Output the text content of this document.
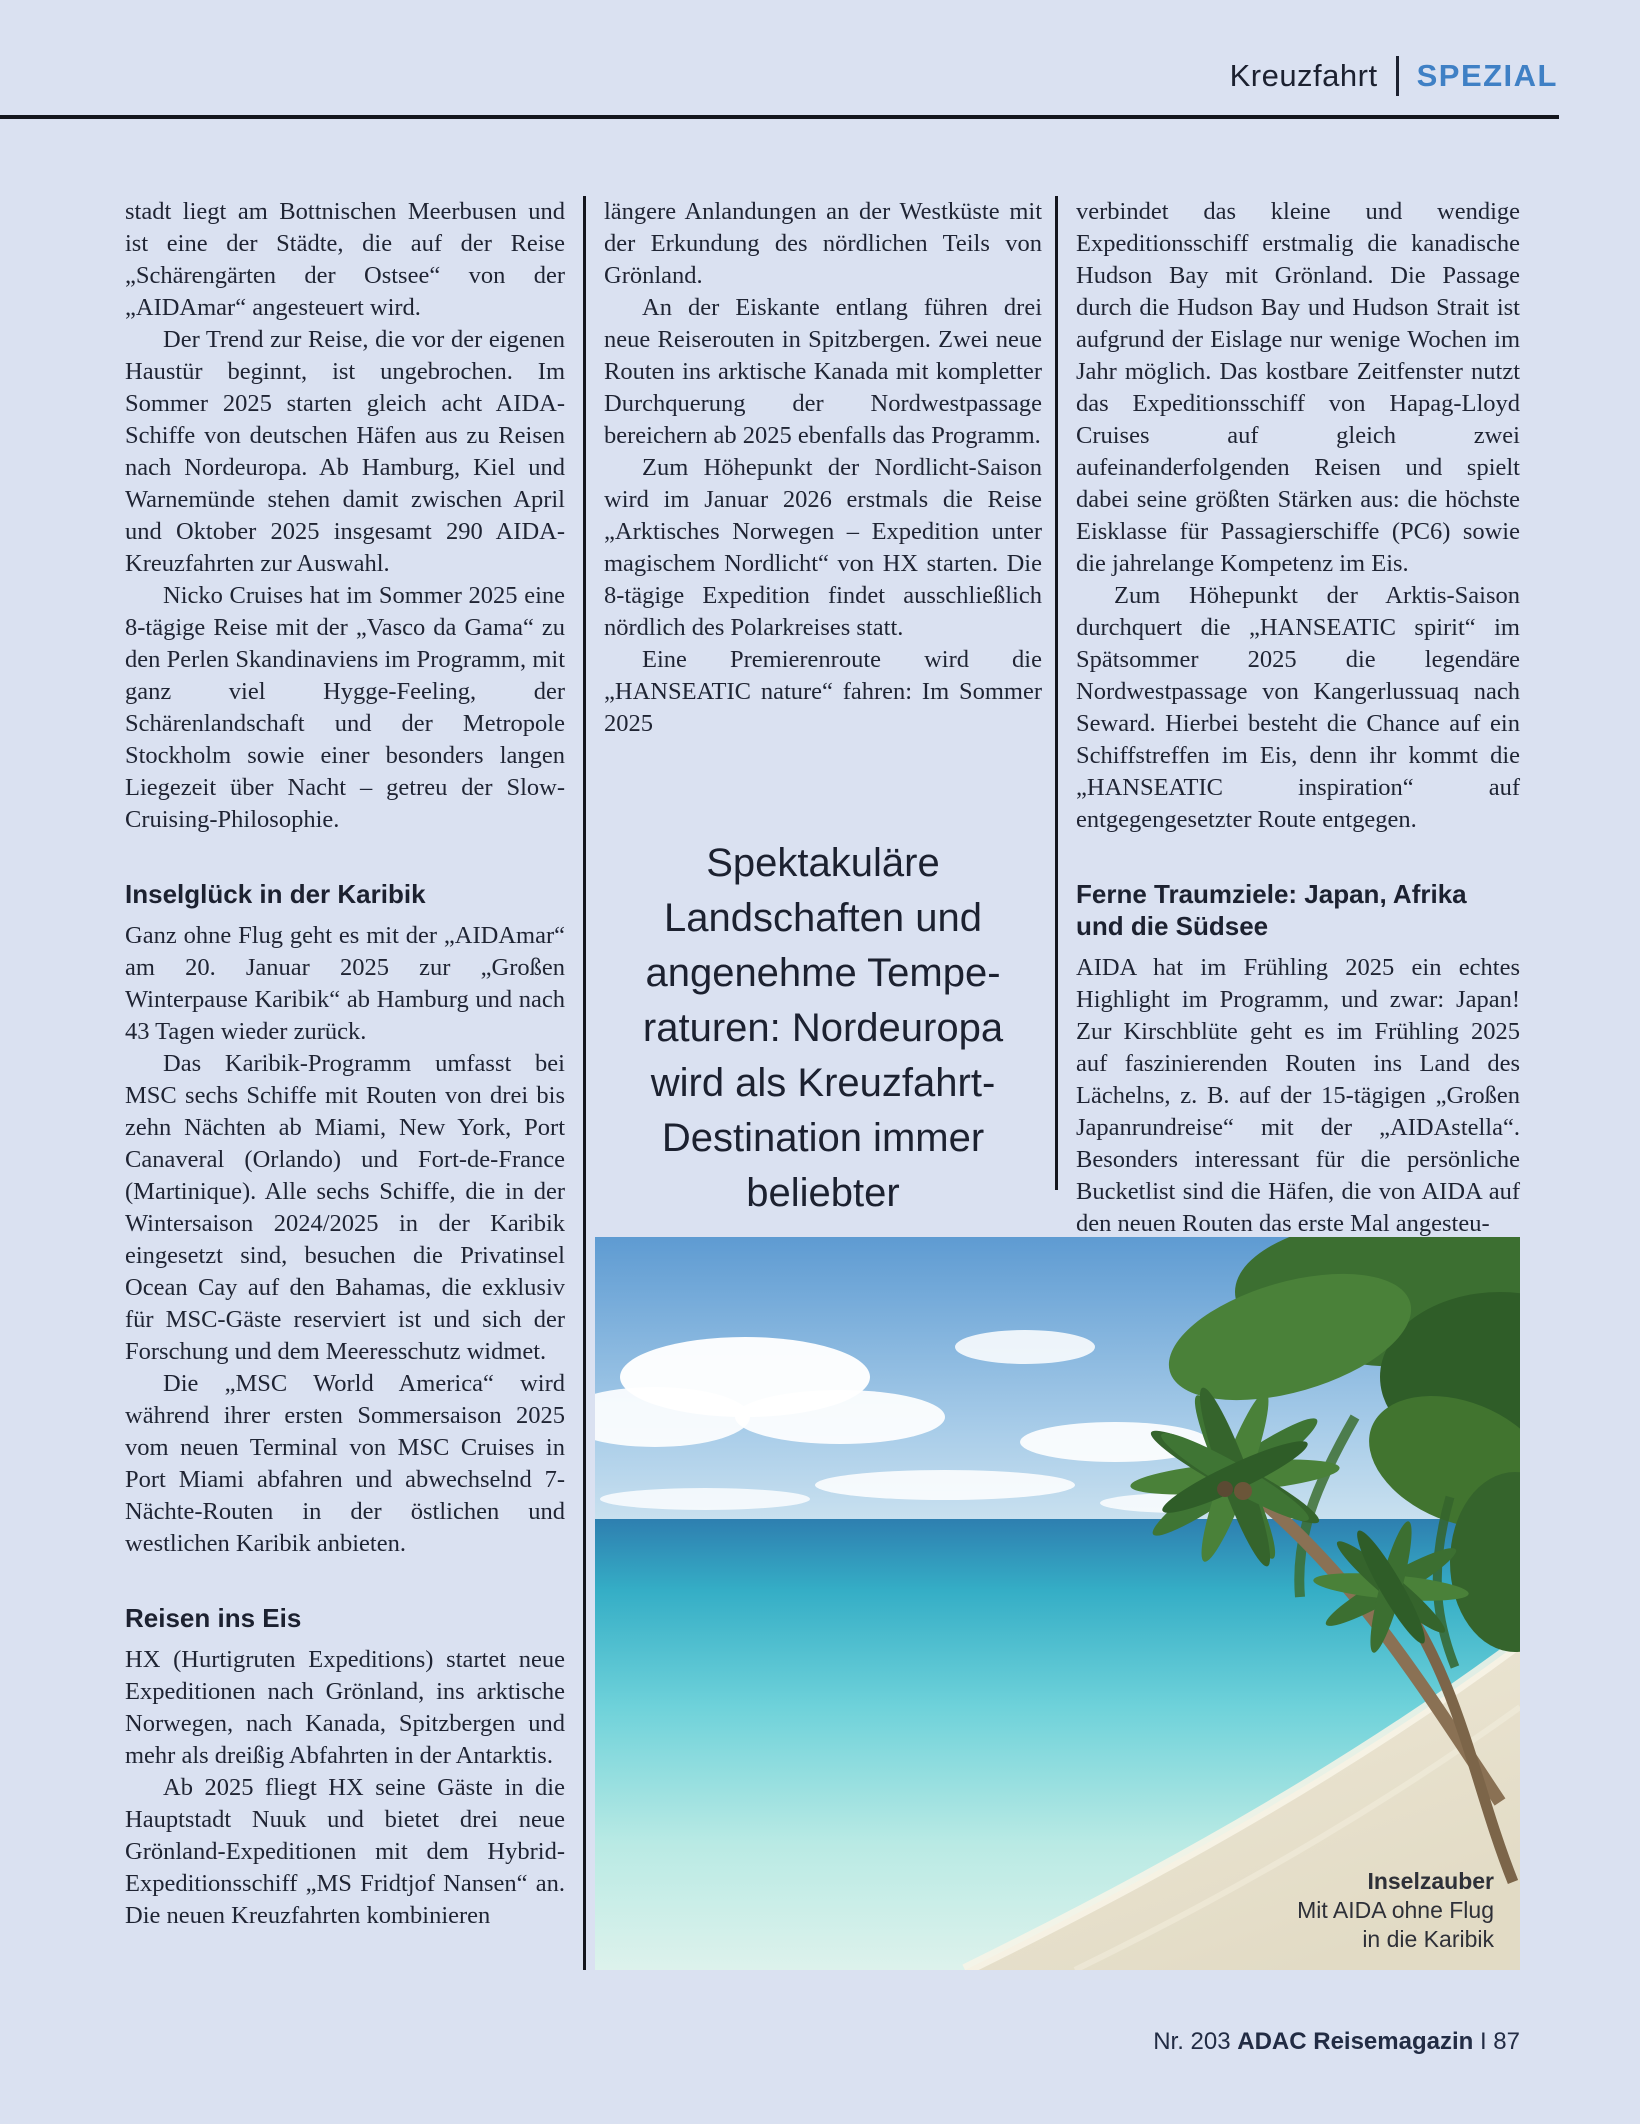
Kreuzfahrt SPEZIAL

stadt liegt am Bottnischen Meerbusen und ist eine der Städte, die auf der Reise „Schärengärten der Ostsee“ von der „AIDAmar“ angesteuert wird.

Der Trend zur Reise, die vor der eigenen Haustür beginnt, ist ungebrochen. Im Sommer 2025 starten gleich acht AIDA-Schiffe von deutschen Häfen aus zu Reisen nach Nordeuropa. Ab Hamburg, Kiel und Warnemünde stehen damit zwischen April und Oktober 2025 insgesamt 290 AIDA-Kreuzfahrten zur Auswahl.

Nicko Cruises hat im Sommer 2025 eine 8-tägige Reise mit der „Vasco da Gama“ zu den Perlen Skandinaviens im Programm, mit ganz viel Hygge-Feeling, der Schärenlandschaft und der Metropole Stockholm sowie einer besonders langen Liegezeit über Nacht – getreu der Slow-Cruising-Philosophie.

Inselglück in der Karibik

Ganz ohne Flug geht es mit der „AIDAmar“ am 20. Januar 2025 zur „Großen Winterpause Karibik“ ab Hamburg und nach 43 Tagen wieder zurück.

Das Karibik-Programm umfasst bei MSC sechs Schiffe mit Routen von drei bis zehn Nächten ab Miami, New York, Port Canaveral (Orlando) und Fort-de-France (Martinique). Alle sechs Schiffe, die in der Wintersaison 2024/2025 in der Karibik eingesetzt sind, besuchen die Privatinsel Ocean Cay auf den Bahamas, die exklusiv für MSC-Gäste reserviert ist und sich der Forschung und dem Meeresschutz widmet.

Die „MSC World America“ wird während ihrer ersten Sommersaison 2025 vom neuen Terminal von MSC Cruises in Port Miami abfahren und abwechselnd 7-Nächte-Routen in der östlichen und westlichen Karibik anbieten.

Reisen ins Eis

HX (Hurtigruten Expeditions) startet neue Expeditionen nach Grönland, ins arktische Norwegen, nach Kanada, Spitzbergen und mehr als dreißig Abfahrten in der Antarktis.

Ab 2025 fliegt HX seine Gäste in die Hauptstadt Nuuk und bietet drei neue Grönland-Expeditionen mit dem Hybrid-Expeditionsschiff „MS Fridtjof Nansen“ an. Die neuen Kreuzfahrten kombinieren

längere Anlandungen an der Westküste mit der Erkundung des nördlichen Teils von Grönland.

An der Eiskante entlang führen drei neue Reiserouten in Spitzbergen. Zwei neue Routen ins arktische Kanada mit kompletter Durchquerung der Nordwestpassage bereichern ab 2025 ebenfalls das Programm.

Zum Höhepunkt der Nordlicht-Saison wird im Januar 2026 erstmals die Reise „Arktisches Norwegen – Expedition unter magischem Nordlicht“ von HX starten. Die 8-tägige Expedition findet ausschließlich nördlich des Polarkreises statt.

Eine Premierenroute wird die „HANSEATIC nature“ fahren: Im Sommer 2025

Spektakuläre Landschaften und angenehme Temperaturen: Nordeuropa wird als Kreuzfahrt-Destination immer beliebter

verbindet das kleine und wendige Expeditionsschiff erstmalig die kanadische Hudson Bay mit Grönland. Die Passage durch die Hudson Bay und Hudson Strait ist aufgrund der Eislage nur wenige Wochen im Jahr möglich. Das kostbare Zeitfenster nutzt das Expeditionsschiff von Hapag-Lloyd Cruises auf gleich zwei aufeinanderfolgenden Reisen und spielt dabei seine größten Stärken aus: die höchste Eisklasse für Passagierschiffe (PC6) sowie die jahrelange Kompetenz im Eis.

Zum Höhepunkt der Arktis-Saison durchquert die „HANSEATIC spirit“ im Spätsommer 2025 die legendäre Nordwestpassage von Kangerlussuaq nach Seward. Hierbei besteht die Chance auf ein Schiffstreffen im Eis, denn ihr kommt die „HANSEATIC inspiration“ auf entgegengesetzter Route entgegen.

Ferne Traumziele: Japan, Afrika und die Südsee

AIDA hat im Frühling 2025 ein echtes Highlight im Programm, und zwar: Japan! Zur Kirschblüte geht es im Frühling 2025 auf faszinierenden Routen ins Land des Lächelns, z. B. auf der 15-tägigen „Großen Japanrundreise“ mit der „AIDAstella“. Besonders interessant für die persönliche Bucketlist sind die Häfen, die von AIDA auf den neuen Routen das erste Mal angesteu-

Inselzauber
Mit AIDA ohne Flug
in die Karibik
Nr. 203 ADAC Reisemagazin I 87
